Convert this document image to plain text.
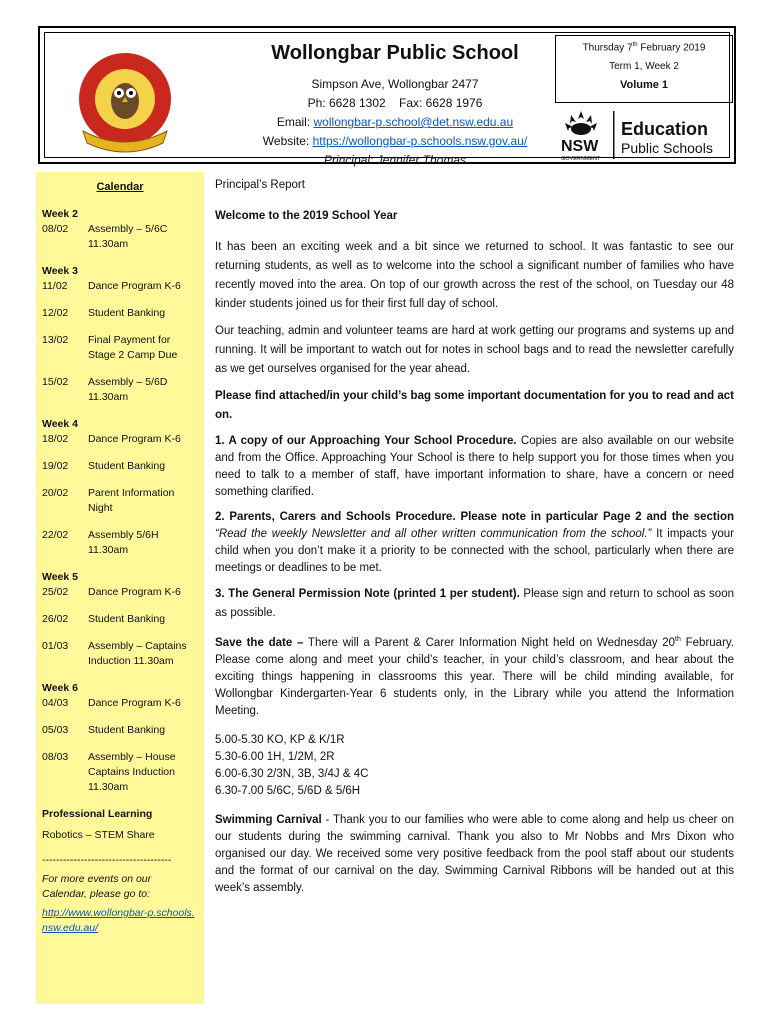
Wollongbar Public School
Simpson Ave, Wollongbar 2477
Ph: 6628 1302    Fax: 6628 1976
Email: wollongbar-p.school@det.nsw.edu.au
Website: https://wollongbar-p.schools.nsw.gov.au/
Principal: Jennifer Thomas
Thursday 7th February 2019
Term 1, Week 2
Volume 1
NSW
GOVERNMENT
Education
Public Schools
Calendar
Week 2
08/02	Assembly – 5/6C 11.30am
Week 3
11/02	Dance Program K-6
12/02	Student Banking
13/02	Final Payment for Stage 2 Camp Due
15/02	Assembly – 5/6D 11.30am
Week 4
18/02	Dance Program K-6
19/02	Student Banking
20/02	Parent Information Night
22/02	Assembly 5/6H 11.30am
Week 5
25/02	Dance Program K-6
26/02	Student Banking
01/03	Assembly – Captains Induction 11.30am
Week 6
04/03	Dance Program K-6
05/03	Student Banking
08/03	Assembly – House Captains Induction 11.30am
Professional Learning
Robotics – STEM Share
-------------------------------------
For more events on our Calendar, please go to:
http://www.wollongbar-p.schools.nsw.edu.au/

Principal’s Report

Welcome to the 2019 School Year

It has been an exciting week and a bit since we returned to school. It was fantastic to see our returning students, as well as to welcome into the school a significant number of families who have recently moved into the area. On top of our growth across the rest of the school, on Tuesday our 48 kinder students joined us for their first full day of school.

Our teaching, admin and volunteer teams are hard at work getting our programs and systems up and running. It will be important to watch out for notes in school bags and to read the newsletter carefully as we get ourselves organised for the year ahead.

Please find attached/in your child’s bag some important documentation for you to read and act on.

1. A copy of our Approaching Your School Procedure. Copies are also available on our website and from the Office. Approaching Your School is there to help support you for those times when you need to talk to a member of staff, have important information to share, have a concern or need something clarified.

2. Parents, Carers and Schools Procedure. Please note in particular Page 2 and the section “Read the weekly Newsletter and all other written communication from the school.” It impacts your child when you don’t make it a priority to be connected with the school, particularly when there are meetings or deadlines to be met.

3. The General Permission Note (printed 1 per student). Please sign and return to school as soon as possible.

Save the date – There will a Parent & Carer Information Night held on Wednesday 20th February. Please come along and meet your child’s teacher, in your child’s classroom, and hear about the exciting things happening in classrooms this year. There will be child minding available, for Wollongbar Kindergarten-Year 6 students only, in the Library while you attend the Information Meeting.

5.00-5.30 KO, KP & K/1R
5.30-6.00 1H, 1/2M, 2R
6.00-6.30 2/3N, 3B, 3/4J & 4C
6.30-7.00 5/6C, 5/6D & 5/6H

Swimming Carnival - Thank you to our families who were able to come along and help us cheer on our students during the swimming carnival. Thank you also to Mr Nobbs and Mrs Dixon who organised our day. We received some very positive feedback from the pool staff about our students and the format of our carnival on the day. Swimming Carnival Ribbons will be handed out at this week’s assembly.
